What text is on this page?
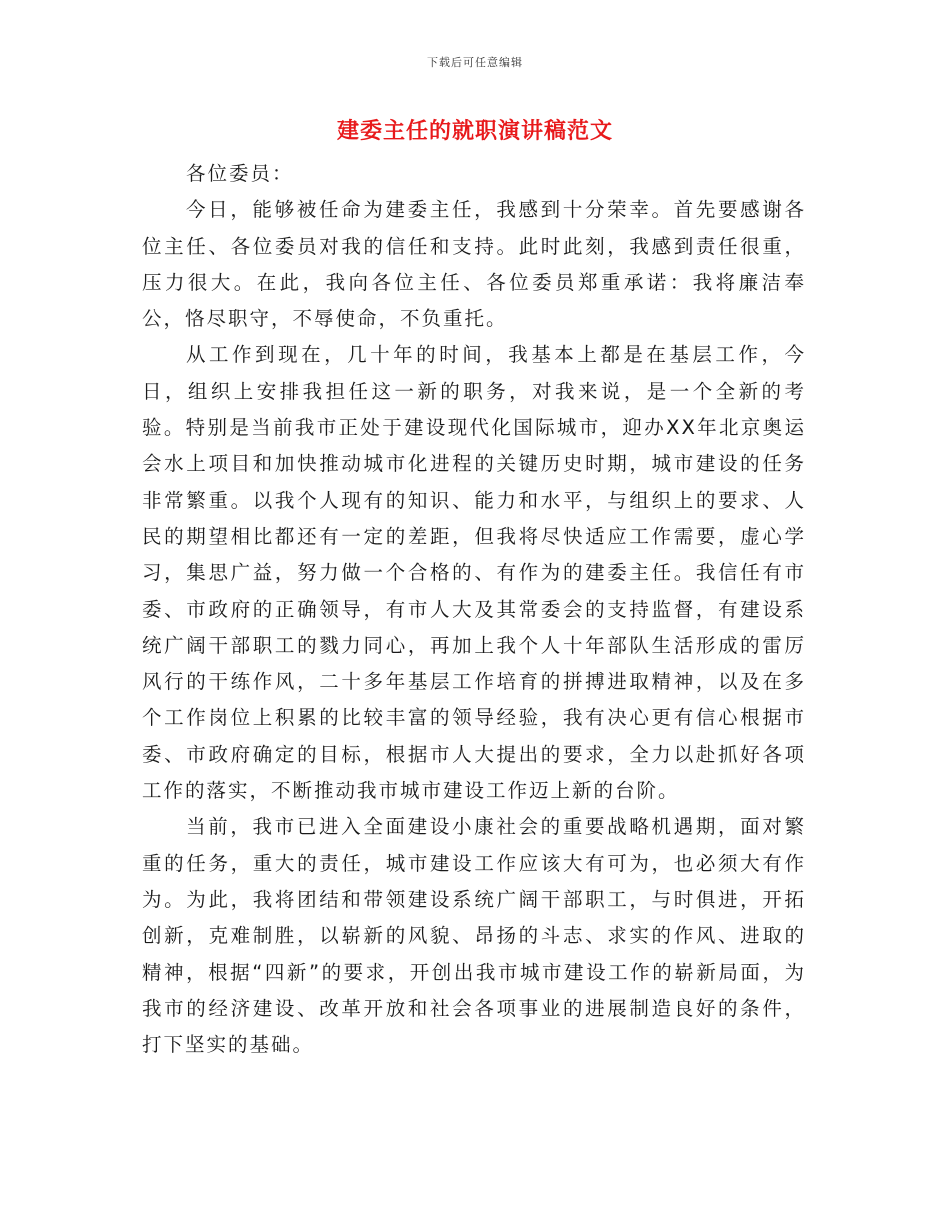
下载后可任意编辑
建委主任的就职演讲稿范文

各位委员：

今日，能够被任命为建委主任，我感到十分荣幸。首先要感谢各位主任、各位委员对我的信任和支持。此时此刻，我感到责任很重，压力很大。在此，我向各位主任、各位委员郑重承诺：我将廉洁奉公，恪尽职守，不辱使命，不负重托。

从工作到现在，几十年的时间，我基本上都是在基层工作，今日，组织上安排我担任这一新的职务，对我来说，是一个全新的考验。特别是当前我市正处于建设现代化国际城市，迎办XX年北京奥运会水上项目和加快推动城市化进程的关键历史时期，城市建设的任务非常繁重。以我个人现有的知识、能力和水平，与组织上的要求、人民的期望相比都还有一定的差距，但我将尽快适应工作需要，虚心学习，集思广益，努力做一个合格的、有作为的建委主任。我信任有市委、市政府的正确领导，有市人大及其常委会的支持监督，有建设系统广阔干部职工的戮力同心，再加上我个人十年部队生活形成的雷厉风行的干练作风，二十多年基层工作培育的拼搏进取精神，以及在多个工作岗位上积累的比较丰富的领导经验，我有决心更有信心根据市委、市政府确定的目标，根据市人大提出的要求，全力以赴抓好各项工作的落实，不断推动我市城市建设工作迈上新的台阶。

当前，我市已进入全面建设小康社会的重要战略机遇期，面对繁重的任务，重大的责任，城市建设工作应该大有可为，也必须大有作为。为此，我将团结和带领建设系统广阔干部职工，与时俱进，开拓创新，克难制胜，以崭新的风貌、昂扬的斗志、求实的作风、进取的精神，根据“四新”的要求，开创出我市城市建设工作的崭新局面，为我市的经济建设、改革开放和社会各项事业的进展制造良好的条件，打下坚实的基础。
